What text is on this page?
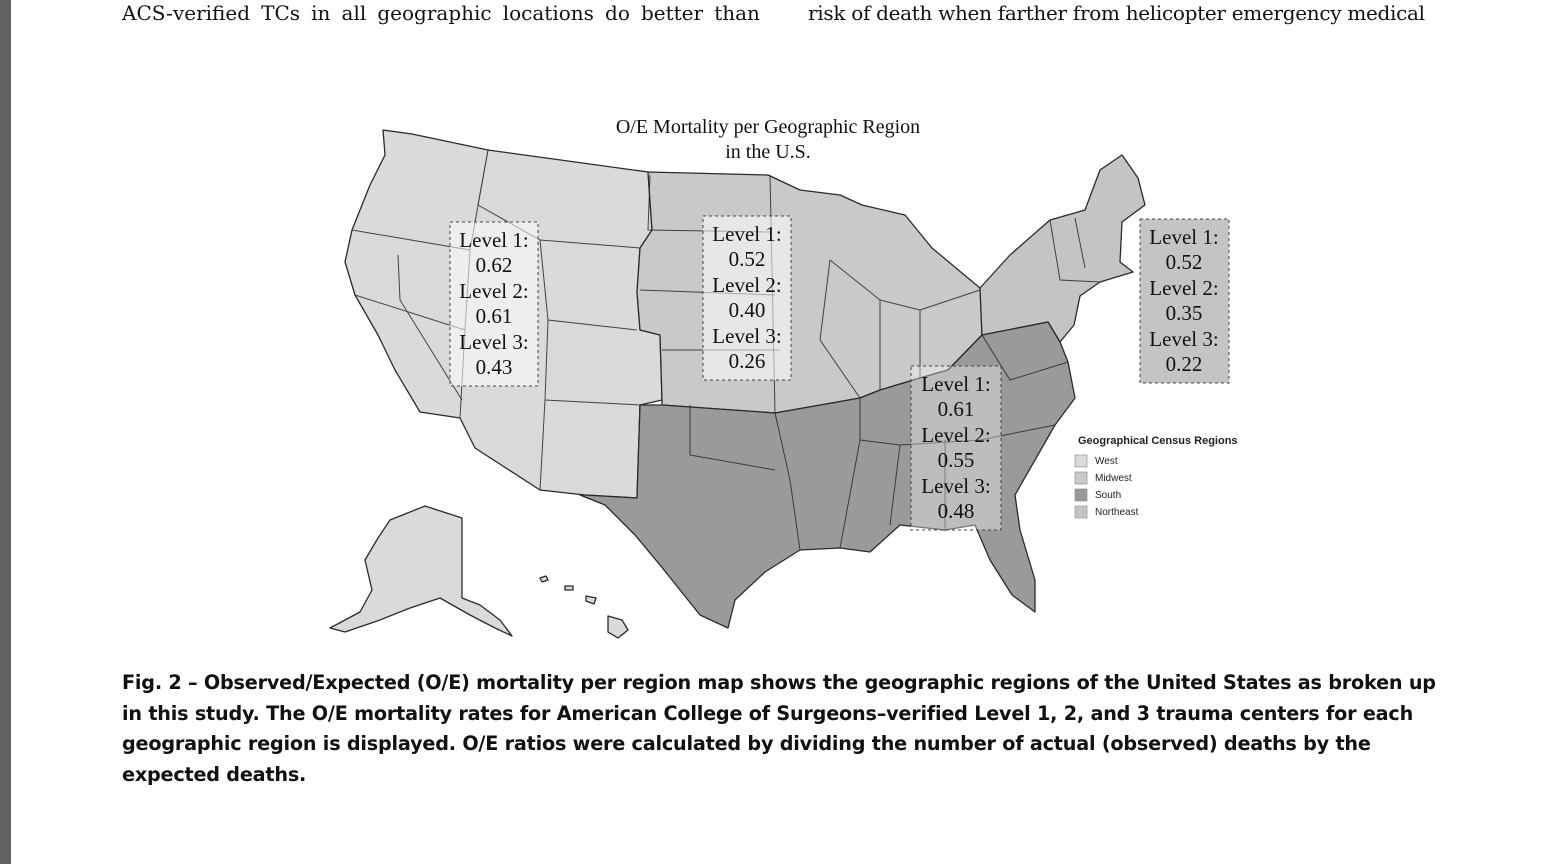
ACS-verified TCs in all geographic locations do better than risk of death when farther from helicopter emergency medical
O/E Mortality per Geographic Region
in the U.S.
Level 1:
0.62
Level 2:
0.61
Level 3:
0.43
Level 1:
0.52
Level 2:
0.40
Level 3:
0.26
Level 1:
0.61
Level 2:
0.55
Level 3:
0.48
Level 1:
0.52
Level 2:
0.35
Level 3:
0.22
Geographical Census Regions
West
Midwest
South
Northeast
Fig. 2 – Observed/Expected (O/E) mortality per region map shows the geographic regions of the United States as broken up in this study. The O/E mortality rates for American College of Surgeons–verified Level 1, 2, and 3 trauma centers for each geographic region is displayed. O/E ratios were calculated by dividing the number of actual (observed) deaths by the expected deaths.
